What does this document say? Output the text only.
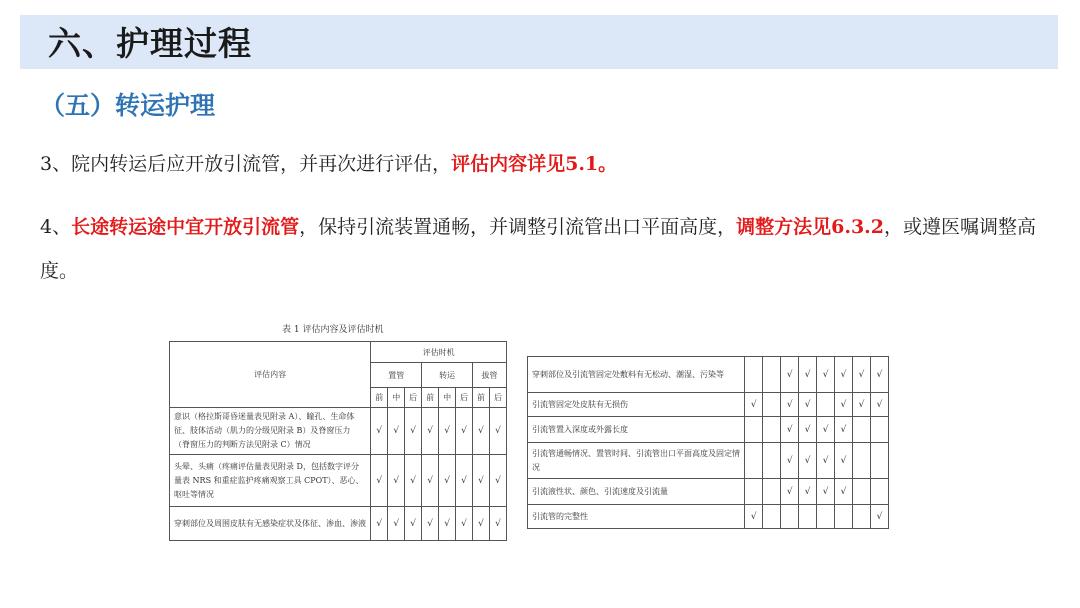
六、护理过程
（五）转运护理
3、院内转运后应开放引流管，并再次进行评估，评估内容详见5.1。
4、长途转运途中宜开放引流管，保持引流装置通畅，并调整引流管出口平面高度，调整方法见6.3.2，或遵医嘱调整高度。
表 1 评估内容及评估时机
评估内容	评估时机							
	置管			转运			拔管	
	前	中	后	前	中	后	前	后
意识（格拉斯哥昏迷量表见附录 A）、瞳孔、生命体征、肢体活动（肌力的分级见附录 B）及脊窗压力（脊窗压力的判断方法见附录 C）情况	√	√	√	√	√	√	√	√
头晕、头痛（疼痛评估量表见附录 D，包括数字评分量表 NRS 和重症监护疼痛观察工具 CPOT）、恶心、呕吐等情况	√	√	√	√	√	√	√	√
穿刺部位及周围皮肤有无感染症状及体征、渗血、渗液	√	√	√	√	√	√	√	√
穿刺部位及引流管固定处敷料有无松动、潮湿、污染等			√	√	√	√	√	√
引流管固定处皮肤有无损伤	√		√	√		√	√	√
引流管置入深度或外露长度			√	√	√	√		
引流管通畅情况、置管时间、引流管出口平面高度及固定情况			√	√	√	√		
引流液性状、颜色、引流速度及引流量			√	√	√	√		
引流管的完整性	√							√
